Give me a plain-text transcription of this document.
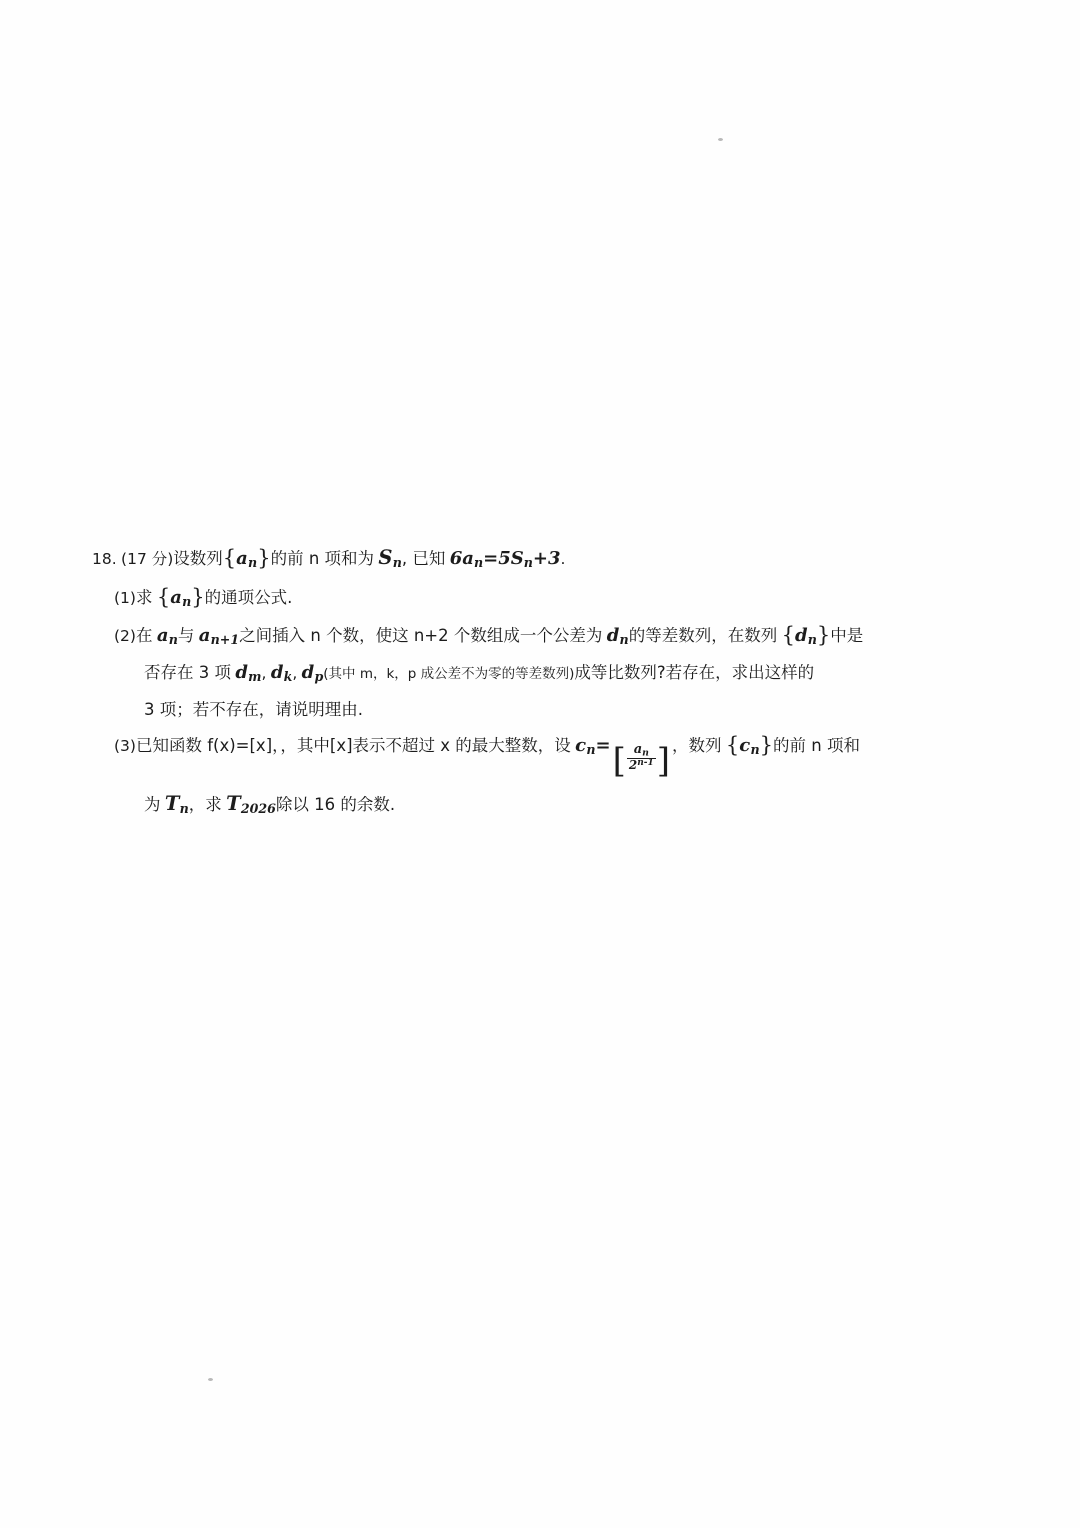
18. (17 分)设数列$\{a_n\}$的前 n 项和为 $S_n$, 已知 $6a_n=5S_n+3$.
(1)求 $\{a_n\}$的通项公式.
(2)在 $a_n$与 $a_{n+1}$之间插入 n 个数，使这 n+2 个数组成一个公差为 $d_n$的等差数列，在数列 $\{d_n\}$中是
否存在 3 项 $d_m$, $d_k$, $d_p$(其中 m，k，p 成公差不为零的等差数列)成等比数列?若存在，求出这样的
3 项；若不存在，请说明理由.
(3)已知函数 f(x)=[x]，，其中[x]表示不超过 x 的最大整数，设 $c_n=[ \frac{an}{2^{n-1}}$ ] ，数列 $\{c_n\}$的前 n 项和
为 $T_n$，求 $T_{2026}$除以 16 的余数.
